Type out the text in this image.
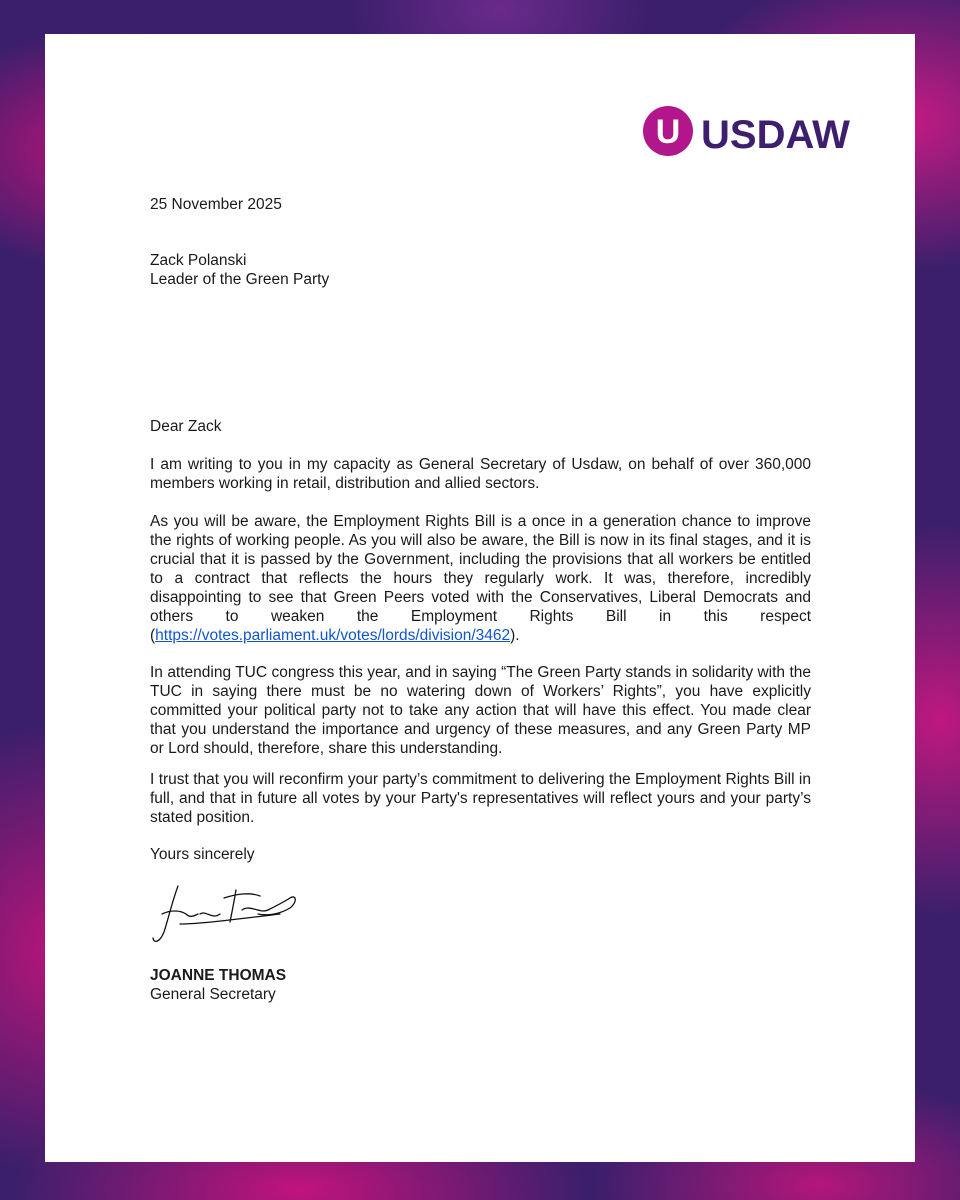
U USDAW
25 November 2025
Zack Polanski
Leader of the Green Party
Dear Zack
I am writing to you in my capacity as General Secretary of Usdaw, on behalf of over 360,000 members working in retail, distribution and allied sectors.
As you will be aware, the Employment Rights Bill is a once in a generation chance to improve the rights of working people. As you will also be aware, the Bill is now in its final stages, and it is crucial that it is passed by the Government, including the provisions that all workers be entitled to a contract that reflects the hours they regularly work. It was, therefore, incredibly disappointing to see that Green Peers voted with the Conservatives, Liberal Democrats and others to weaken the Employment Rights Bill in this respect
(https://votes.parliament.uk/votes/lords/division/3462).
In attending TUC congress this year, and in saying “The Green Party stands in solidarity with the TUC in saying there must be no watering down of Workers’ Rights”, you have explicitly committed your political party not to take any action that will have this effect. You made clear that you understand the importance and urgency of these measures, and any Green Party MP or Lord should, therefore, share this understanding.
I trust that you will reconfirm your party’s commitment to delivering the Employment Rights Bill in full, and that in future all votes by your Party's representatives will reflect yours and your party’s stated position.
Yours sincerely
JOANNE THOMAS
General Secretary
